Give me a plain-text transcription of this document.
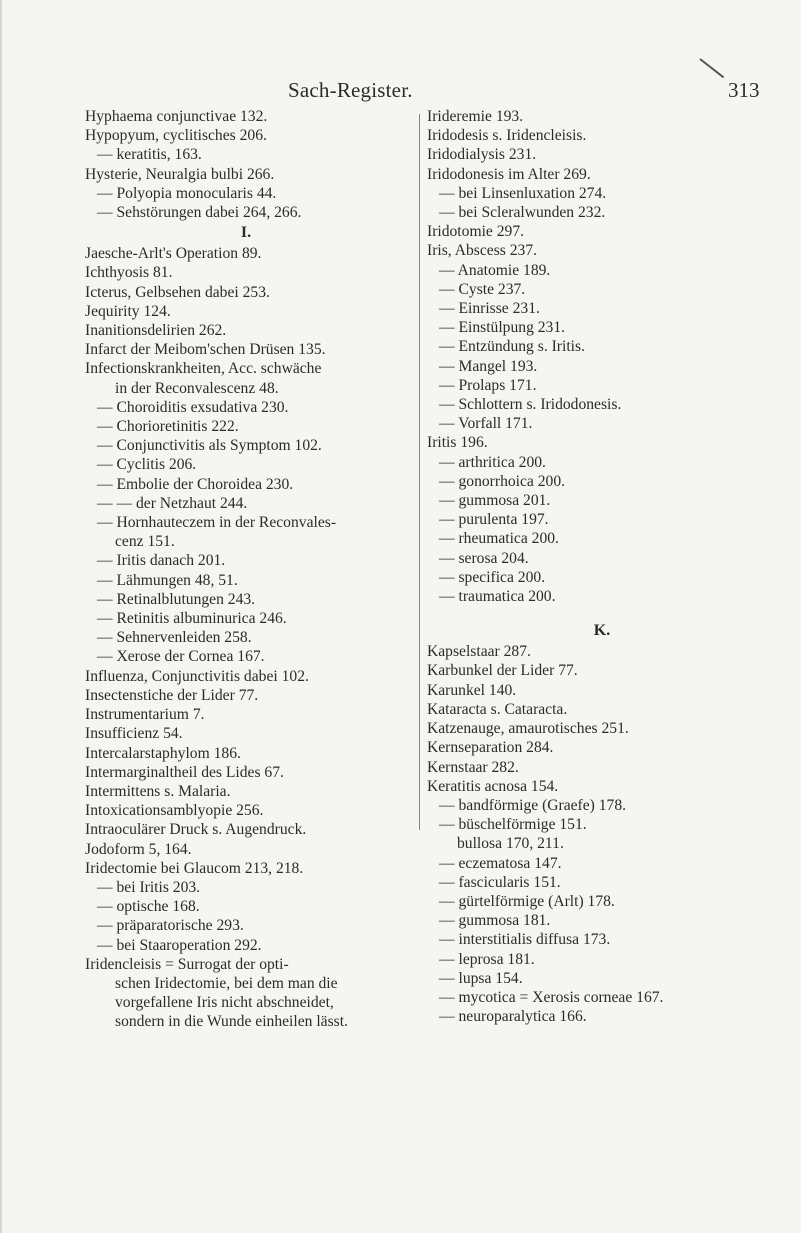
Sach-Register.	313
Hyphaema conjunctivae 132.
Hypopyum, cyclitisches 206.
— keratitis, 163.
Hysterie, Neuralgia bulbi 266.
— Polyopia monocularis 44.
— Sehstörungen dabei 264, 266.
I.
Jaesche-Arlt's Operation 89.
Ichthyosis 81.
Icterus, Gelbsehen dabei 253.
Jequirity 124.
Inanitionsdelirien 262.
Infarct der Meibom'schen Drüsen 135.
Infectionskrankheiten, Acc. schwäche
in der Reconvalescenz 48.
— Choroiditis exsudativa 230.
— Chorioretinitis 222.
— Conjunctivitis als Symptom 102.
— Cyclitis 206.
— Embolie der Choroidea 230.
— — der Netzhaut 244.
— Hornhauteczem in der Reconvales-
cenz 151.
— Iritis danach 201.
— Lähmungen 48, 51.
— Retinalblutungen 243.
— Retinitis albuminurica 246.
— Sehnervenleiden 258.
— Xerose der Cornea 167.
Influenza, Conjunctivitis dabei 102.
Insectenstiche der Lider 77.
Instrumentarium 7.
Insufficienz 54.
Intercalarstaphylom 186.
Intermarginaltheil des Lides 67.
Intermittens s. Malaria.
Intoxicationsamblyopie 256.
Intraoculärer Druck s. Augendruck.
Jodoform 5, 164.
Iridectomie bei Glaucom 213, 218.
— bei Iritis 203.
— optische 168.
— präparatorische 293.
— bei Staaroperation 292.
Iridencleisis = Surrogat der opti-
schen Iridectomie, bei dem man die
vorgefallene Iris nicht abschneidet,
sondern in die Wunde einheilen lässt.
Irideremie 193.
Iridodesis s. Iridencleisis.
Iridodialysis 231.
Iridodonesis im Alter 269.
— bei Linsenluxation 274.
— bei Scleralwunden 232.
Iridotomie 297.
Iris, Abscess 237.
— Anatomie 189.
— Cyste 237.
— Einrisse 231.
— Einstülpung 231.
— Entzündung s. Iritis.
— Mangel 193.
— Prolaps 171.
— Schlottern s. Iridodonesis.
— Vorfall 171.
Iritis 196.
— arthritica 200.
— gonorrhoica 200.
— gummosa 201.
— purulenta 197.
— rheumatica 200.
— serosa 204.
— specifica 200.
— traumatica 200.
K.
Kapselstaar 287.
Karbunkel der Lider 77.
Karunkel 140.
Kataracta s. Cataracta.
Katzenauge, amaurotisches 251.
Kernseparation 284.
Kernstaar 282.
Keratitis acnosa 154.
— bandförmige (Graefe) 178.
— büschelförmige 151.
bullosa 170, 211.
— eczematosa 147.
— fascicularis 151.
— gürtelförmige (Arlt) 178.
— gummosa 181.
— interstitialis diffusa 173.
— leprosa 181.
— lupsa 154.
— mycotica = Xerosis corneae 167.
— neuroparalytica 166.
